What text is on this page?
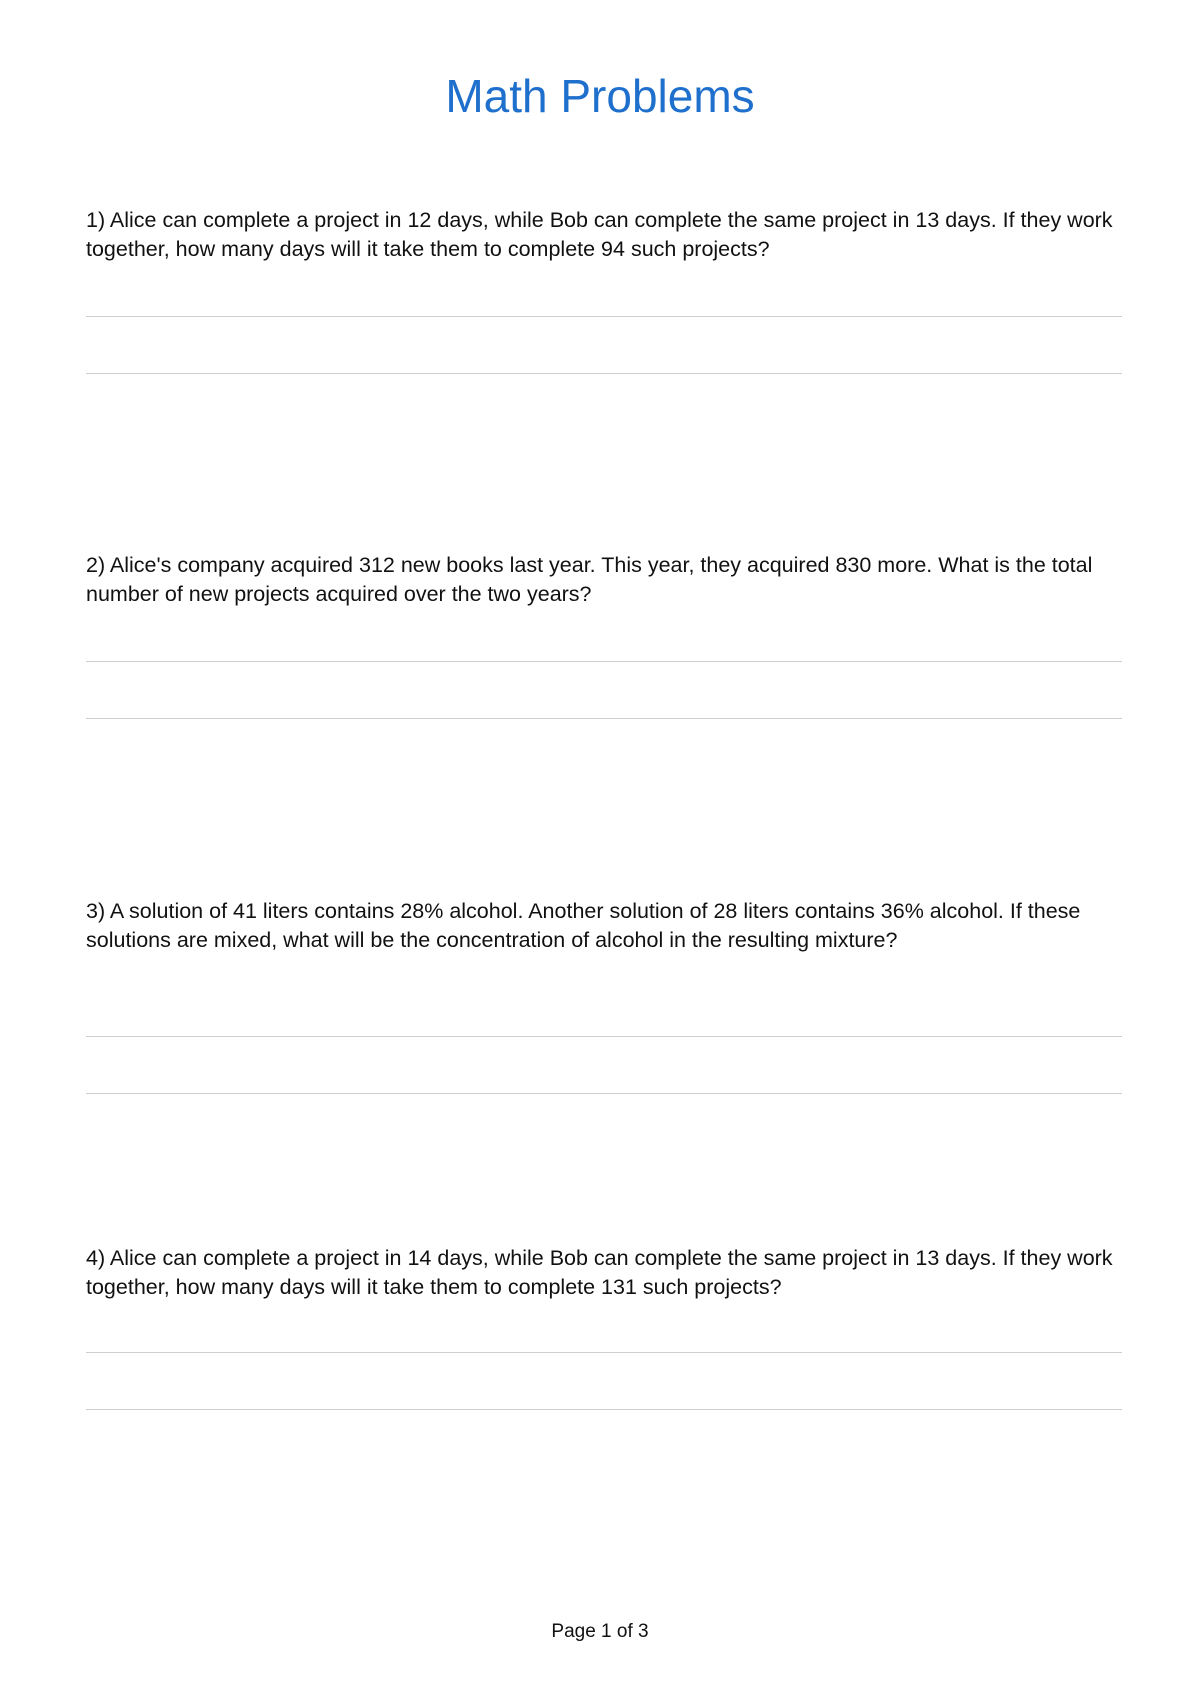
Math Problems

1) Alice can complete a project in 12 days, while Bob can complete the same project in 13 days. If they work together, how many days will it take them to complete 94 such projects?

2) Alice's company acquired 312 new books last year. This year, they acquired 830 more. What is the total number of new projects acquired over the two years?

3) A solution of 41 liters contains 28% alcohol. Another solution of 28 liters contains 36% alcohol. If these solutions are mixed, what will be the concentration of alcohol in the resulting mixture?

4) Alice can complete a project in 14 days, while Bob can complete the same project in 13 days. If they work together, how many days will it take them to complete 131 such projects?

Page 1 of 3
